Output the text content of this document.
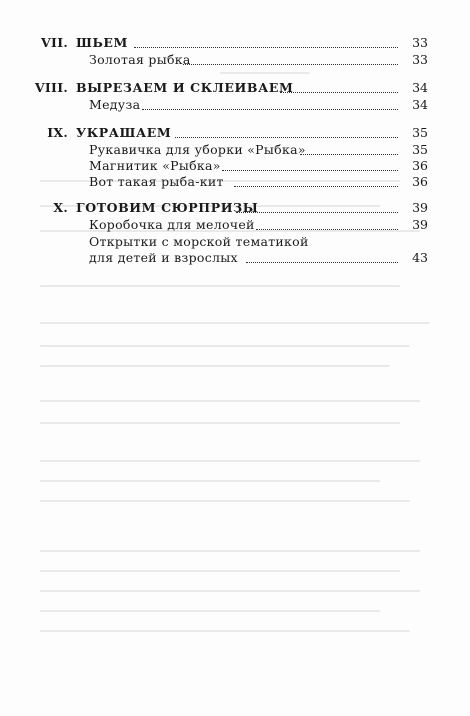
VII. ШЬЕМ	33
Золотая рыбка	33
VIII. ВЫРЕЗАЕМ И СКЛЕИВАЕМ	34
Медуза	34
IX. УКРАШАЕМ	35
Рукавичка для уборки «Рыбка»	35
Магнитик «Рыбка»	36
Вот такая рыба-кит	36
X. ГОТОВИМ СЮРПРИЗЫ	39
Коробочка для мелочей	39
Открытки с морской тематикой
для детей и взрослых	43
